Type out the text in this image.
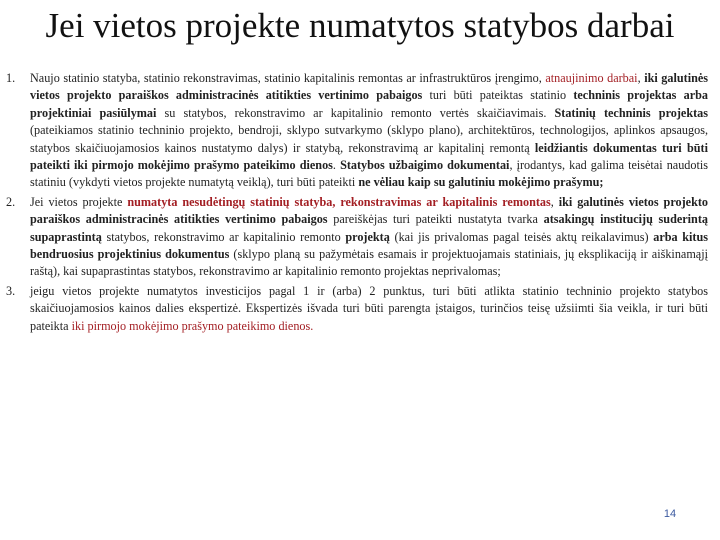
Jei vietos projekte numatytos statybos darbai
1.	Naujo statinio statyba, statinio rekonstravimas, statinio kapitalinis remontas ar infrastruktūros įrengimo, atnaujinimo darbai, iki galutinės vietos projekto paraiškos administracinės atitikties vertinimo pabaigos turi būti pateiktas statinio techninis projektas arba projektiniai pasiūlymai su statybos, rekonstravimo ar kapitalinio remonto vertės skaičiavimais. Statinių techninis projektas (pateikiamos statinio techninio projekto, bendroji, sklypo sutvarkymo (sklypo plano), architektūros, technologijos, aplinkos apsaugos, statybos skaičiuojamosios kainos nustatymo dalys) ir statybą, rekonstravimą ar kapitalinį remontą leidžiantis dokumentas turi būti pateikti iki pirmojo mokėjimo prašymo pateikimo dienos. Statybos užbaigimo dokumentai, įrodantys, kad galima teisėtai naudotis statiniu (vykdyti vietos projekte numatytą veiklą), turi būti pateikti ne vėliau kaip su galutiniu mokėjimo prašymu;
2.	Jei vietos projekte numatyta nesudėtingų statinių statyba, rekonstravimas ar kapitalinis remontas, iki galutinės vietos projekto paraiškos administracinės atitikties vertinimo pabaigos pareiškėjas turi pateikti nustatyta tvarka atsakingų institucijų suderintą supaprastintą statybos, rekonstravimo ar kapitalinio remonto projektą (kai jis privalomas pagal teisės aktų reikalavimus) arba kitus bendruosius projektinius dokumentus (sklypo planą su pažymėtais esamais ir projektuojamais statiniais, jų eksplikaciją ir aiškinamąjį raštą), kai supaprastintas statybos, rekonstravimo ar kapitalinio remonto projektas neprivalomas;
3.	jeigu vietos projekte numatytos investicijos pagal 1 ir (arba) 2 punktus, turi būti atlikta statinio techninio projekto statybos skaičiuojamosios kainos dalies ekspertizė. Ekspertizės išvada turi būti parengta įstaigos, turinčios teisę užsiimti šia veikla, ir turi būti pateikta iki pirmojo mokėjimo prašymo pateikimo dienos.
14
